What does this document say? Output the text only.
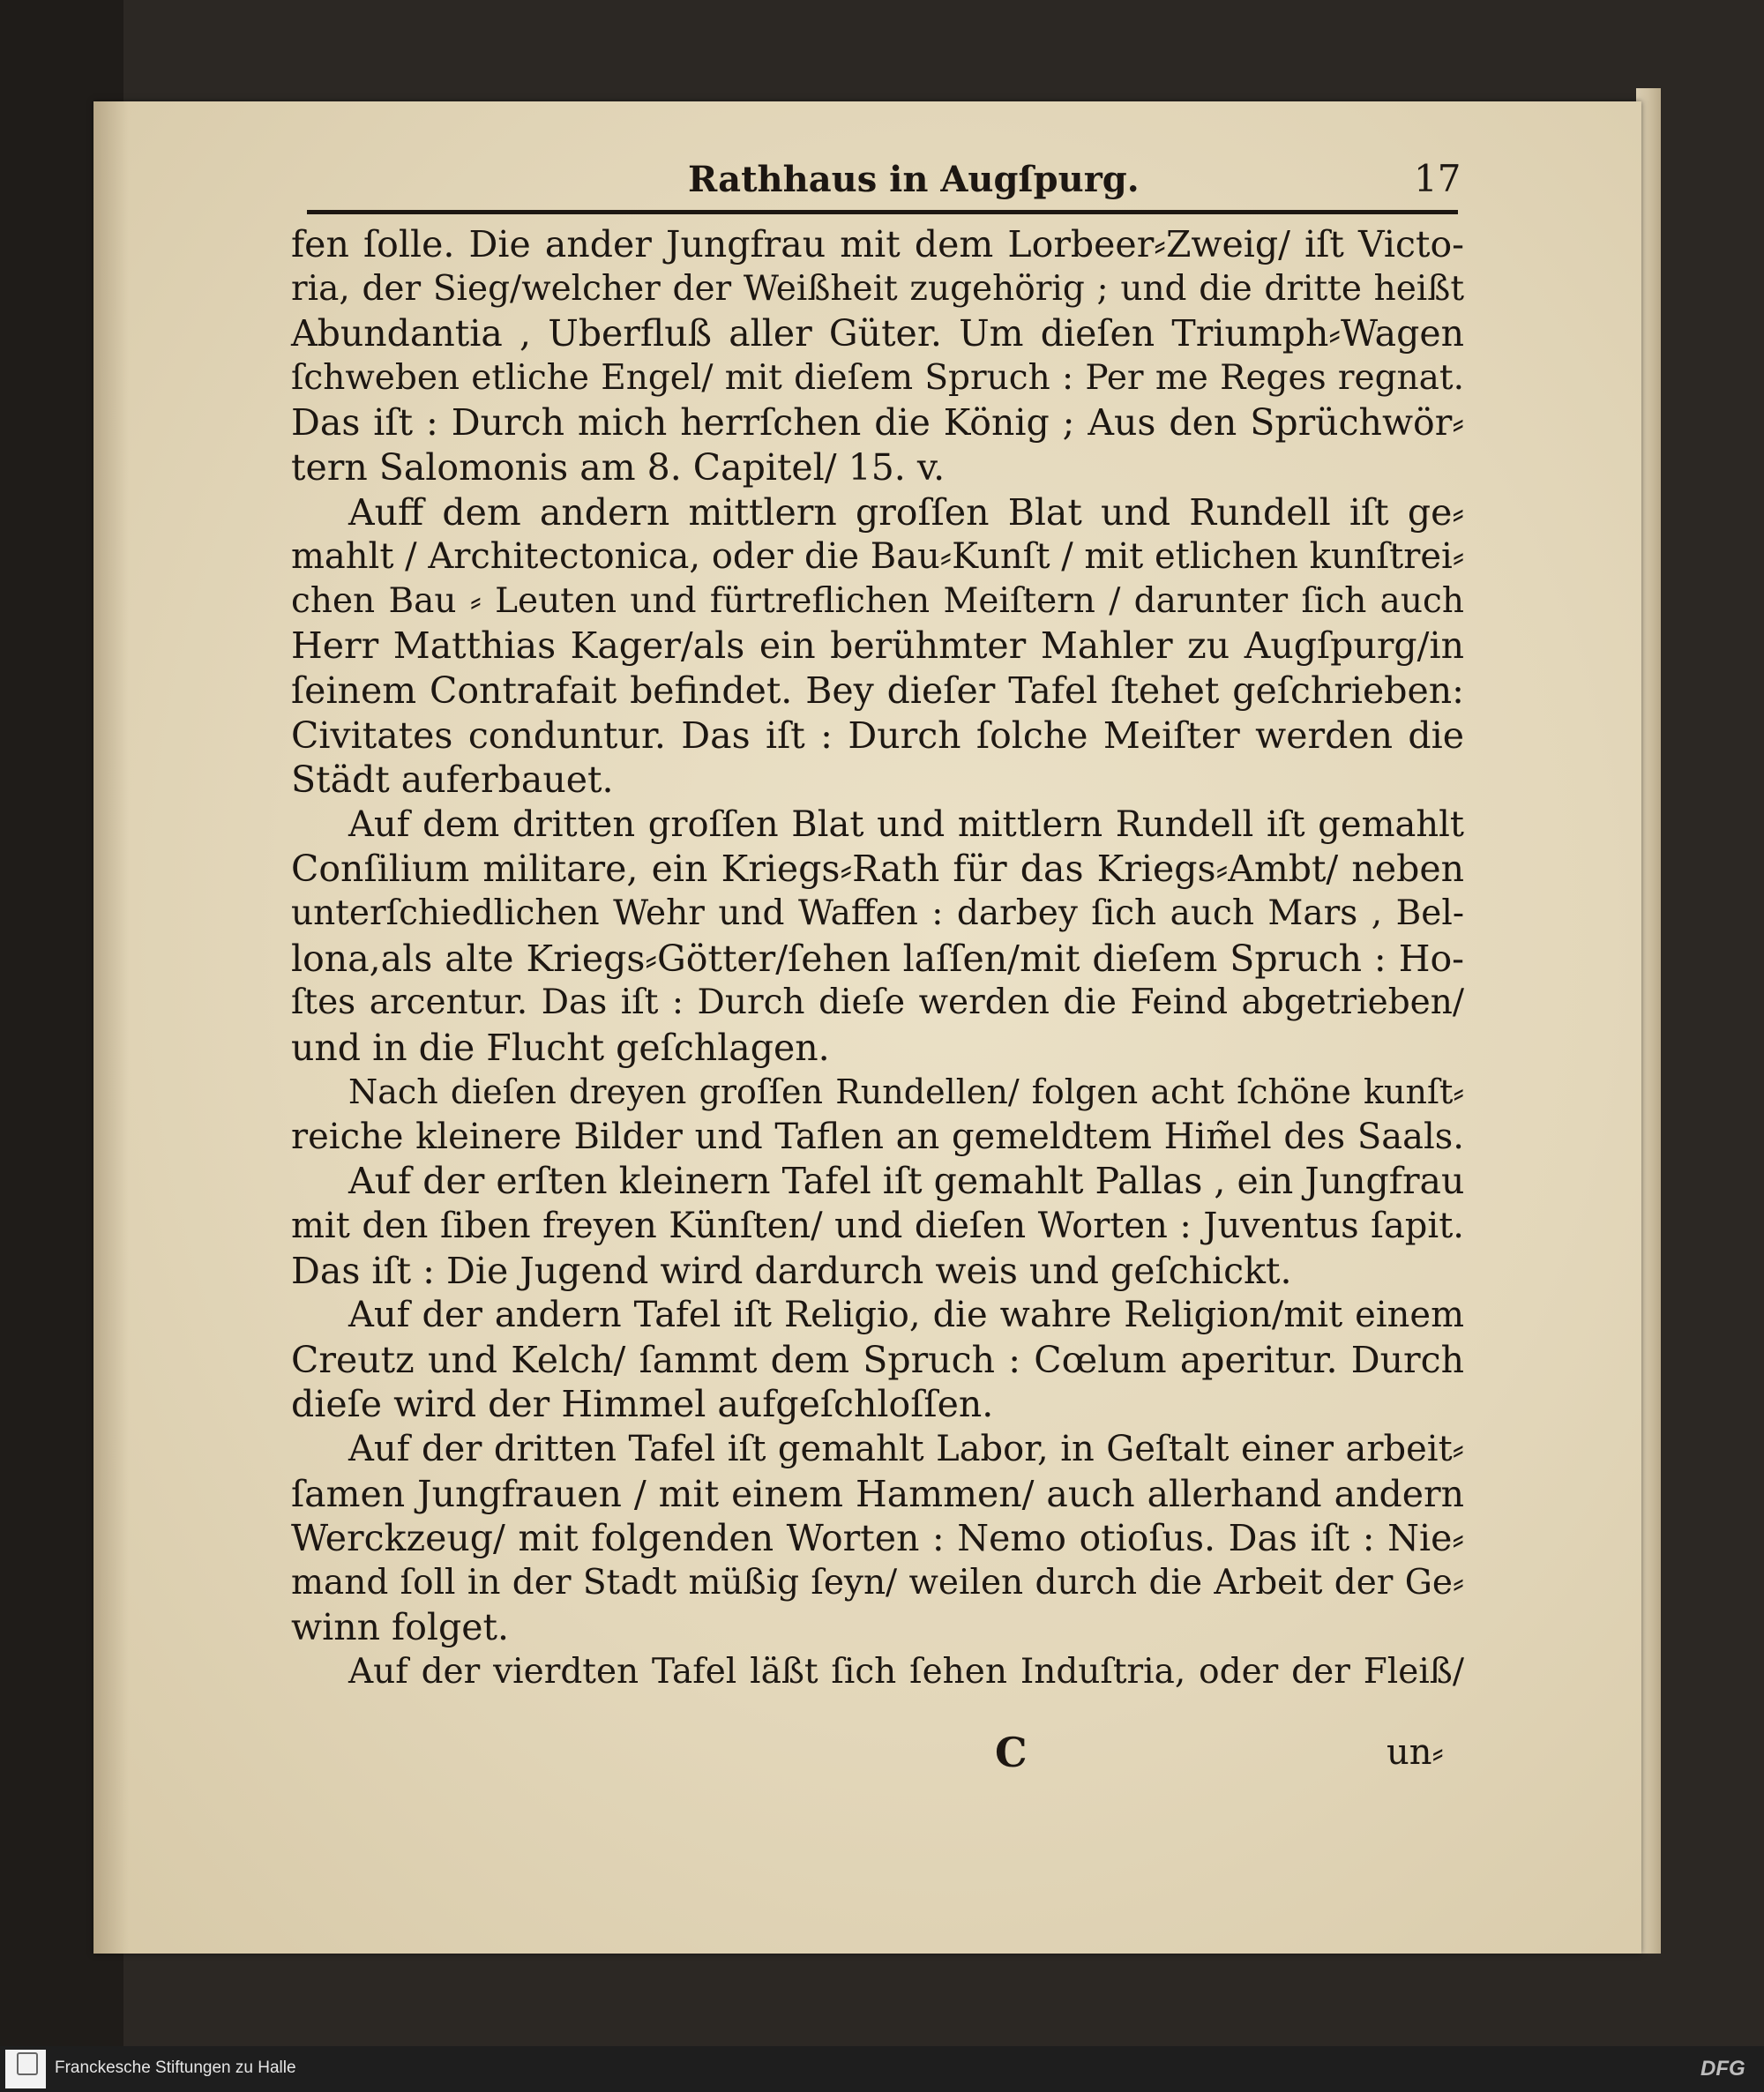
Rathhaus in Augſpurg.	17
fen ſolle. Die ander Jungfrau mit dem Lorbeer⸗Zweig/ iſt Victo-
ria, der Sieg/welcher der Weißheit zugehörig ; und die dritte heißt
Abundantia , Uberfluß aller Güter. Um dieſen Triumph⸗Wagen
ſchweben etliche Engel/ mit dieſem Spruch : Per me Reges regnat.
Das iſt : Durch mich herrſchen die König ; Aus den Sprüchwör⸗
tern Salomonis am 8. Capitel/ 15. v.
Auff dem andern mittlern groſſen Blat und Rundell iſt ge⸗
mahlt / Architectonica, oder die Bau⸗Kunſt / mit etlichen kunſtrei⸗
chen Bau ⸗ Leuten und fürtreflichen Meiſtern / darunter ſich auch
Herr Matthias Kager/als ein berühmter Mahler zu Augſpurg/in
ſeinem Contrafait befindet. Bey dieſer Tafel ſtehet geſchrieben:
Civitates conduntur. Das iſt : Durch ſolche Meiſter werden die
Städt auferbauet.
Auf dem dritten groſſen Blat und mittlern Rundell iſt gemahlt
Conſilium militare, ein Kriegs⸗Rath für das Kriegs⸗Ambt/ neben
unterſchiedlichen Wehr und Waffen : darbey ſich auch Mars , Bel-
lona,als alte Kriegs⸗Götter/ſehen laſſen/mit dieſem Spruch : Ho-
ſtes arcentur. Das iſt : Durch dieſe werden die Feind abgetrieben/
und in die Flucht geſchlagen.
Nach dieſen dreyen groſſen Rundellen/ folgen acht ſchöne kunſt⸗
reiche kleinere Bilder und Taflen an gemeldtem Him̃el des Saals.
Auf der erſten kleinern Tafel iſt gemahlt Pallas , ein Jungfrau
mit den ſiben freyen Künſten/ und dieſen Worten : Juventus ſapit.
Das iſt : Die Jugend wird dardurch weis und geſchickt.
Auf der andern Tafel iſt Religio, die wahre Religion/mit einem
Creutz und Kelch/ ſammt dem Spruch : Cœlum aperitur. Durch
dieſe wird der Himmel aufgeſchloſſen.
Auf der dritten Tafel iſt gemahlt Labor, in Geſtalt einer arbeit⸗
ſamen Jungfrauen / mit einem Hammen/ auch allerhand andern
Werckzeug/ mit folgenden Worten : Nemo otioſus. Das iſt : Nie⸗
mand ſoll in der Stadt müßig ſeyn/ weilen durch die Arbeit der Ge⸗
winn folget.
Auf der vierdten Tafel läßt ſich ſehen Induſtria, oder der Fleiß/
C	un⸗
Franckesche Stiftungen zu Halle	DFG
